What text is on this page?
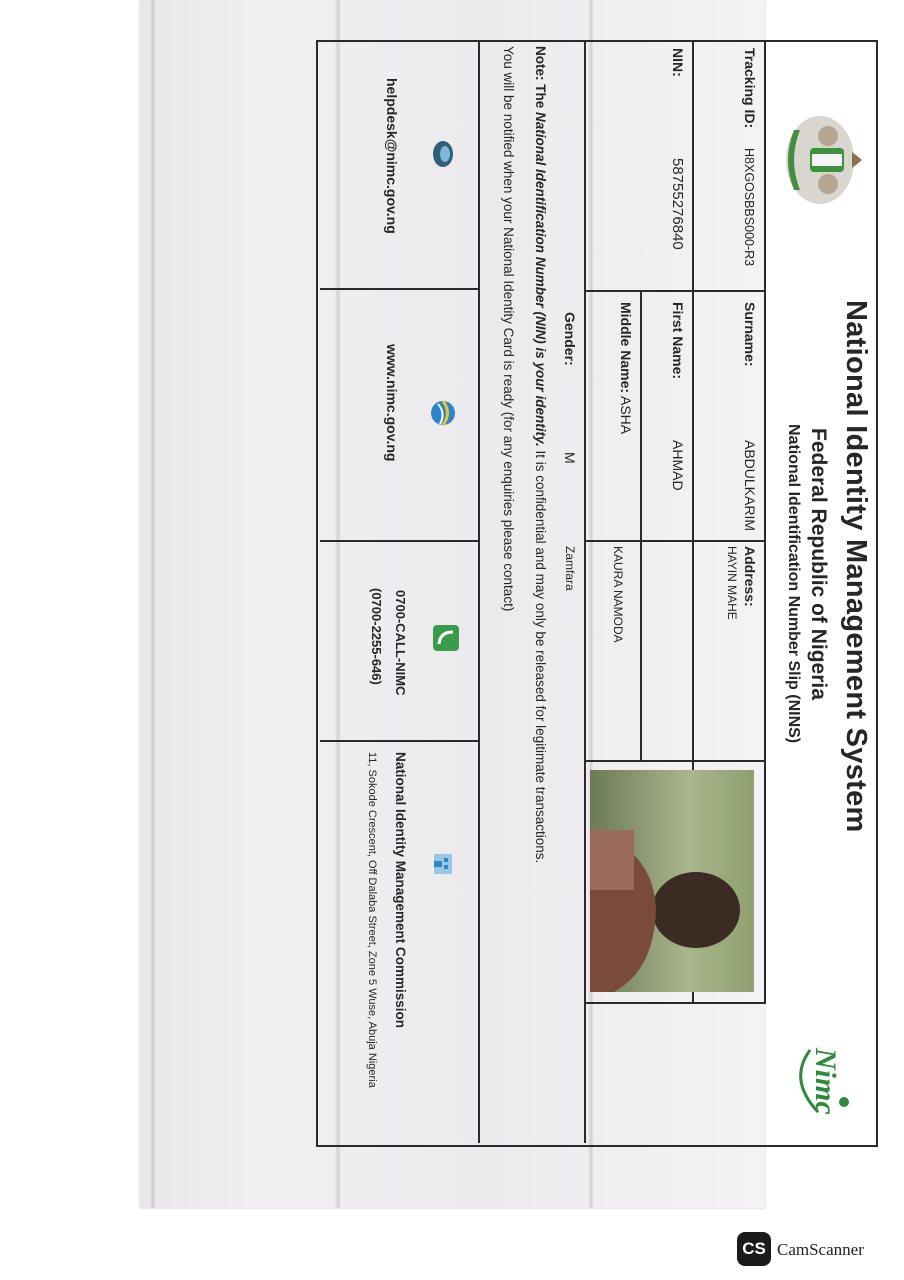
National Identity Management System
Federal Republic of Nigeria
National Identification Number Slip (NINS)
Nimc
Tracking ID:
H8XGOSBBS000-R3
Surname:
ABDULKARIM
Address:
HAYIN MAHE
NIN:
58755276840
First Name:
AHMAD
Middle Name:
ASHA
KAURA NAMODA
Gender:
M
Zamfara
Note: The National Identification Number (NIN) is your identity. It is confidential and may only be released for legitimate transactions.
You will be notified when your National Identity Card is ready (for any enquiries please contact)
helpdesk@nimc.gov.ng
www.nimc.gov.ng
0700-CALL-NIMC
(0700-2255-646)
National Identity Management Commission
11, Sokode Crescent, Off Dalaba Street, Zone 5 Wuse, Abuja Nigeria
CS CamScanner
